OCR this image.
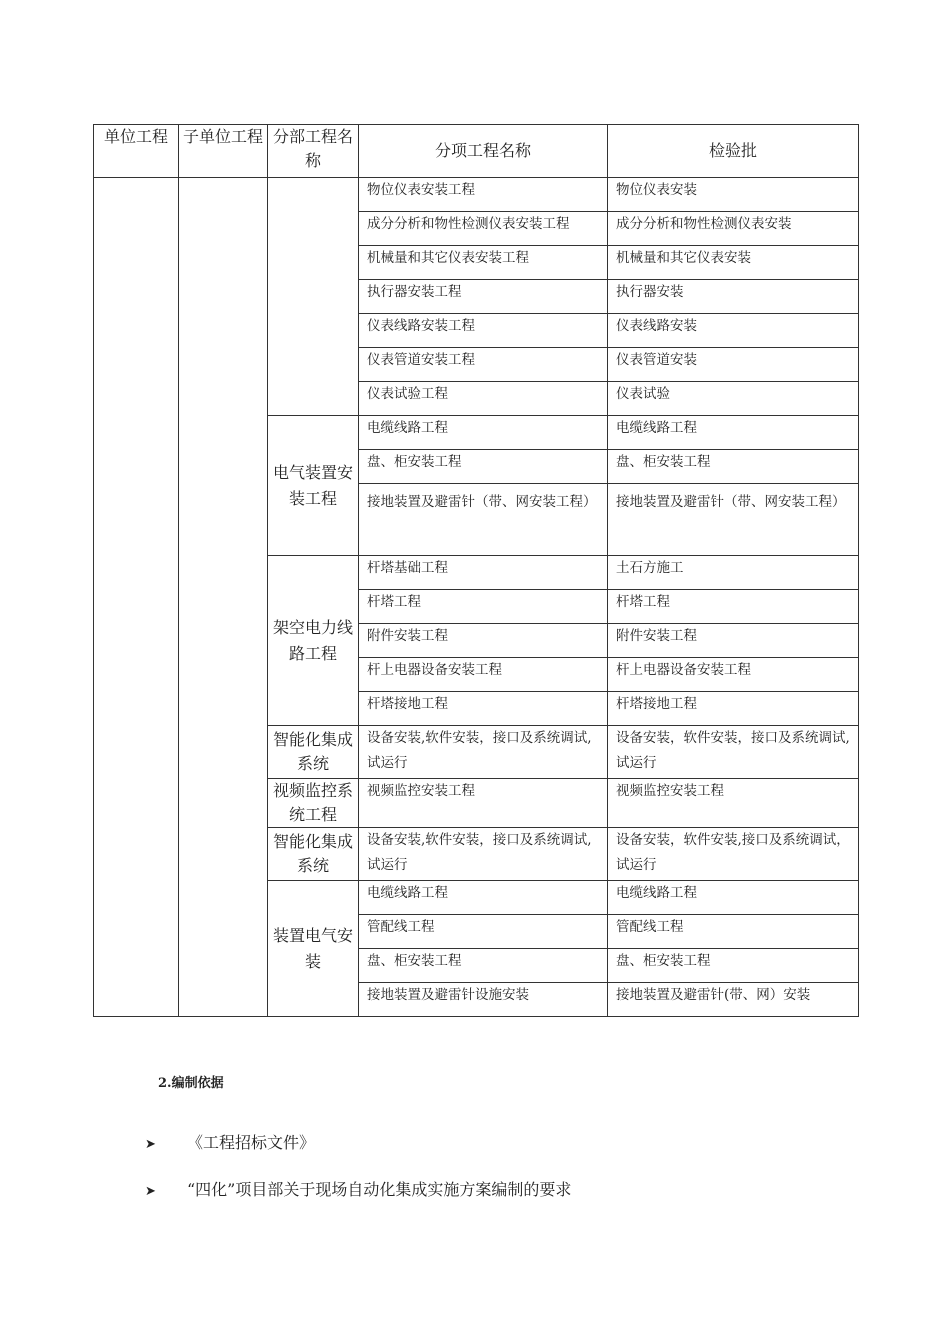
单位工程	子单位工程	分部工程名称	分项工程名称	检验批
			物位仪表安装工程	物位仪表安装
			成分分析和物性检测仪表安装工程	成分分析和物性检测仪表安装
			机械量和其它仪表安装工程	机械量和其它仪表安装
			执行器安装工程	执行器安装
			仪表线路安装工程	仪表线路安装
			仪表管道安装工程	仪表管道安装
			仪表试验工程	仪表试验
		电气装置安装工程	电缆线路工程	电缆线路工程
			盘、柜安装工程	盘、柜安装工程
			接地装置及避雷针（带、网安装工程）	接地装置及避雷针（带、网安装工程）
		架空电力线路工程	杆塔基础工程	土石方施工
			杆塔工程	杆塔工程
			附件安装工程	附件安装工程
			杆上电器设备安装工程	杆上电器设备安装工程
			杆塔接地工程	杆塔接地工程
		智能化集成系统	设备安装,软件安装，接口及系统调试,试运行	设备安装，软件安装，接口及系统调试,试运行
		视频监控系统工程	视频监控安装工程	视频监控安装工程
		智能化集成系统	设备安装,软件安装，接口及系统调试,试运行	设备安装，软件安装,接口及系统调试，试运行
		装置电气安装	电缆线路工程	电缆线路工程
			管配线工程	管配线工程
			盘、柜安装工程	盘、柜安装工程
			接地装置及避雷针设施安装	接地装置及避雷针(带、网）安装
2.编制依据
➤ 《工程招标文件》
➤ “四化”项目部关于现场自动化集成实施方案编制的要求
